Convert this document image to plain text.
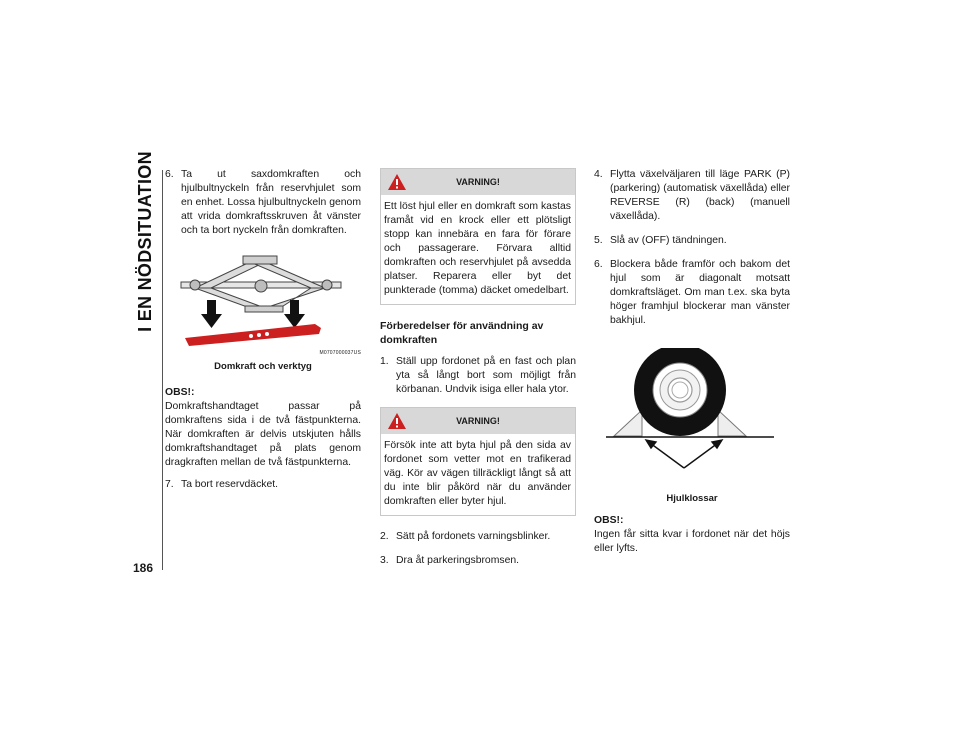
I EN NÖDSITUATION
186
6. Ta ut saxdomkraften och hjulbultnyckeln från reservhjulet som en enhet. Lossa hjulbultnyckeln genom att vrida domkraftsskruven åt vänster och ta bort nyckeln från domkraften.
M0707000037US
Domkraft och verktyg
OBS!:
Domkraftshandtaget passar på domkraftens sida i de två fästpunkterna. När domkraften är delvis utskjuten hålls domkraftshandtaget på plats genom dragkraften mellan de två fästpunkterna.
7. Ta bort reservdäcket.
VARNING!
Ett löst hjul eller en domkraft som kastas framåt vid en krock eller ett plötsligt stopp kan innebära en fara för förare och passagerare. Förvara alltid domkraften och reservhjulet på avsedda platser. Reparera eller byt det punkterade (tomma) däcket omedelbart.
Förberedelser för användning av domkraften
1. Ställ upp fordonet på en fast och plan yta så långt bort som möjligt från körbanan. Undvik isiga eller hala ytor.
VARNING!
Försök inte att byta hjul på den sida av fordonet som vetter mot en trafikerad väg. Kör av vägen tillräckligt långt så att du inte blir påkörd när du använder domkraften eller byter hjul.
2. Sätt på fordonets varningsblinker.
3. Dra åt parkeringsbromsen.
4. Flytta växelväljaren till läge PARK (P) (parkering) (automatisk växellåda) eller REVERSE (R) (back) (manuell växellåda).
5. Slå av (OFF) tändningen.
6. Blockera både framför och bakom det hjul som är diagonalt motsatt domkraftsläget. Om man t.ex. ska byta höger framhjul blockerar man vänster bakhjul.
Hjulklossar
OBS!:
Ingen får sitta kvar i fordonet när det höjs eller lyfts.
